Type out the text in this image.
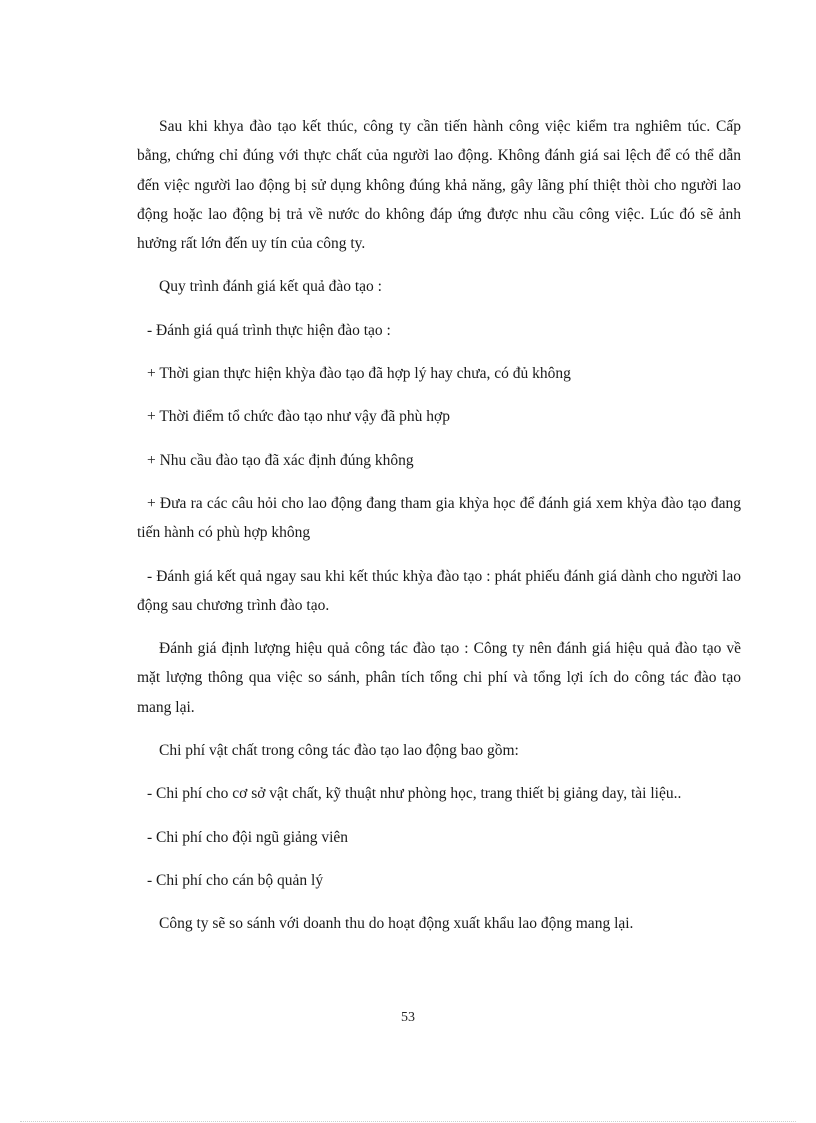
Sau khi khya đào tạo kết thúc, công ty cần tiến hành công việc kiểm tra nghiêm túc. Cấp bằng, chứng chỉ đúng với thực chất của người lao động. Không đánh giá sai lệch để có thể dẫn đến việc người lao động bị sử dụng không đúng khả năng, gây lãng phí thiệt thòi cho người lao động hoặc lao động bị trả về nước do không đáp ứng được nhu cầu công việc. Lúc đó sẽ ảnh hưởng rất lớn đến uy tín của công ty.

Quy trình đánh giá kết quả đào tạo :

- Đánh giá quá trình thực hiện đào tạo :

+ Thời gian thực hiện khỳa đào tạo đã hợp lý hay chưa, có đủ không

+ Thời điểm tổ chức đào tạo như vậy đã phù hợp

+ Nhu cầu đào tạo đã xác định đúng không

+ Đưa ra các câu hỏi cho lao động đang tham gia khỳa học để đánh giá xem khỳa đào tạo đang tiến hành có phù hợp không

- Đánh giá kết quả ngay sau khi kết thúc khỳa đào tạo : phát phiếu đánh giá dành cho người lao động sau chương trình đào tạo.

Đánh giá định lượng hiệu quả công tác đào tạo : Công ty nên đánh giá hiệu quả đào tạo về mặt lượng thông qua việc so sánh, phân tích tổng chi phí và tổng lợi ích do công tác đào tạo mang lại.

Chi phí vật chất trong công tác đào tạo lao động bao gồm:

- Chi phí cho cơ sở vật chất, kỹ thuật như phòng học, trang thiết bị giảng day, tài liệu..

- Chi phí cho đội ngũ giảng viên

- Chi phí cho cán bộ quản lý

Công ty sẽ so sánh với doanh thu do hoạt động xuất khẩu lao động mang lại.

53
